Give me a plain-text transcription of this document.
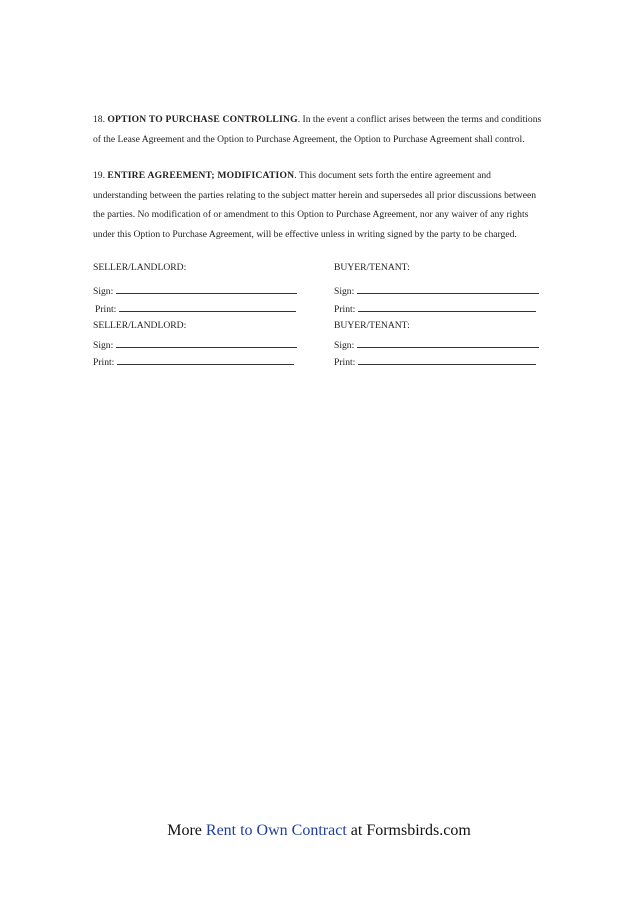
18. OPTION TO PURCHASE CONTROLLING. In the event a conflict arises between the terms and conditions of the Lease Agreement and the Option to Purchase Agreement, the Option to Purchase Agreement shall control.

19. ENTIRE AGREEMENT; MODIFICATION. This document sets forth the entire agreement and understanding between the parties relating to the subject matter herein and supersedes all prior discussions between the parties. No modification of or amendment to this Option to Purchase Agreement, nor any waiver of any rights under this Option to Purchase Agreement, will be effective unless in writing signed by the party to be charged.

SELLER/LANDLORD:	BUYER/TENANT:
Sign:	Sign:
Print:	Print:
SELLER/LANDLORD:	BUYER/TENANT:
Sign:	Sign:
Print:	Print:
More Rent to Own Contract at Formsbirds.com
